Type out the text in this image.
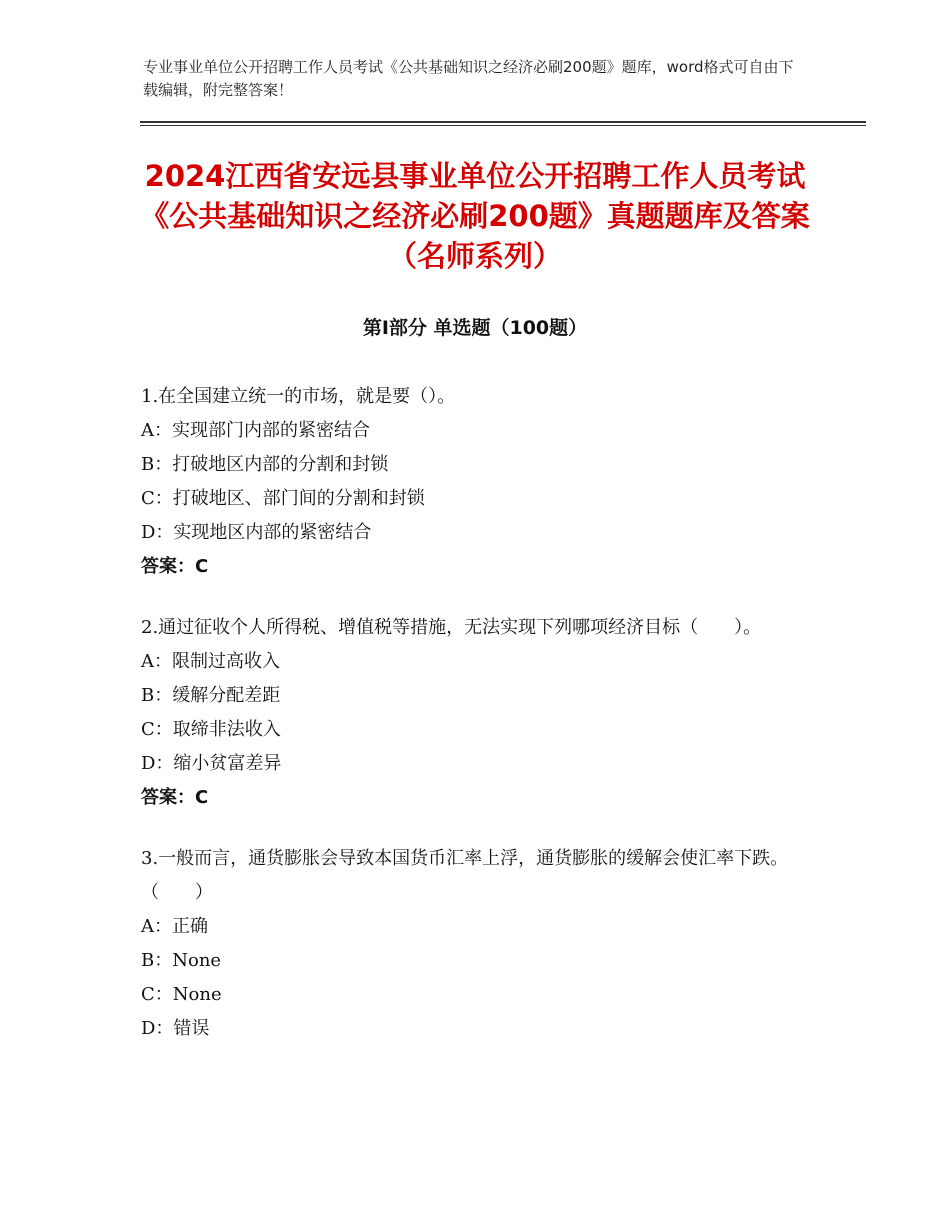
专业事业单位公开招聘工作人员考试《公共基础知识之经济必刷200题》题库，word格式可自由下载编辑，附完整答案！
2024江西省安远县事业单位公开招聘工作人员考试《公共基础知识之经济必刷200题》真题题库及答案（名师系列）
第Ⅰ部分 单选题（100题）

1.在全国建立统一的市场，就是要（）。

A：实现部门内部的紧密结合

B：打破地区内部的分割和封锁

C：打破地区、部门间的分割和封锁

D：实现地区内部的紧密结合

答案：C

2.通过征收个人所得税、增值税等措施，无法实现下列哪项经济目标（　　）。

A：限制过高收入

B：缓解分配差距

C：取缔非法收入

D：缩小贫富差异

答案：C

3.一般而言，通货膨胀会导致本国货币汇率上浮，通货膨胀的缓解会使汇率下跌。（　　）

A：正确

B：None

C：None

D：错误
